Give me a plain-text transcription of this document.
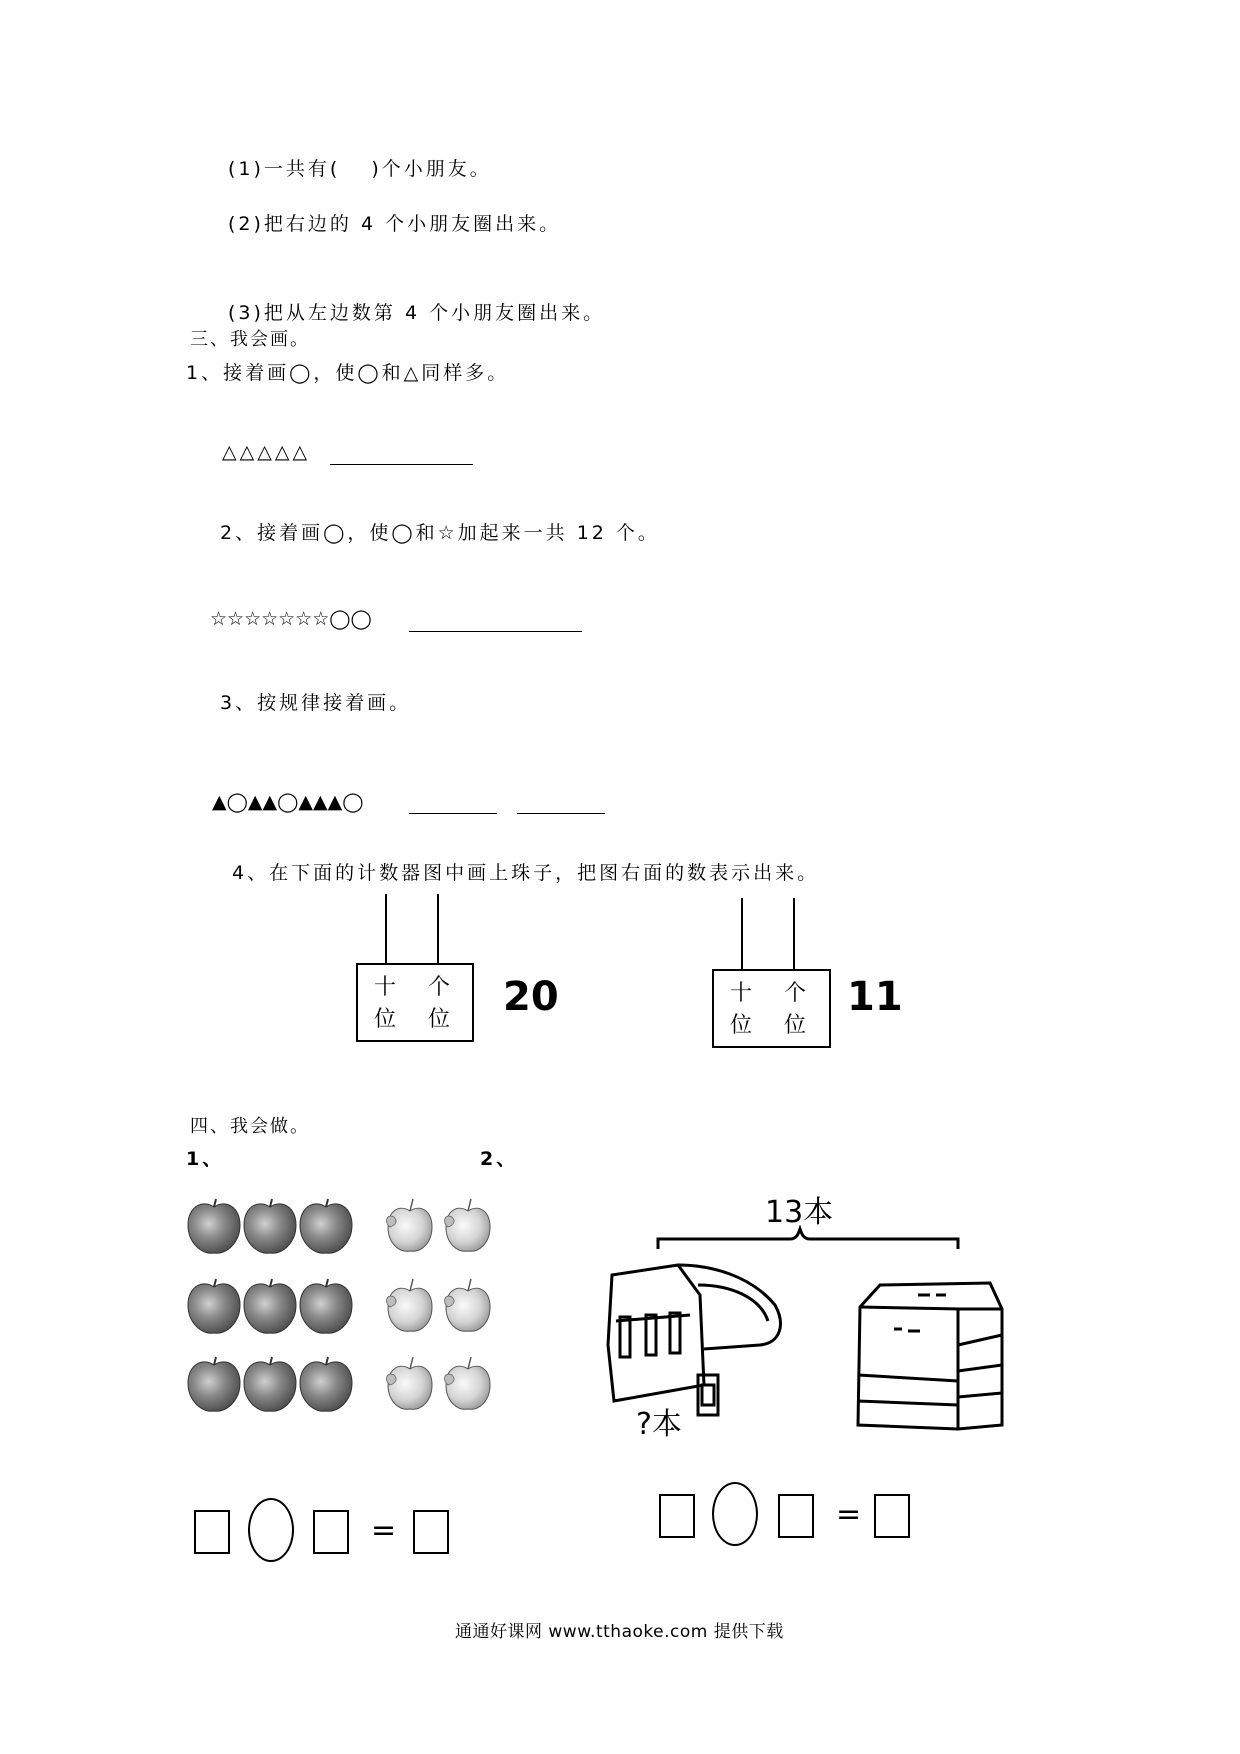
(1)一共有(　 )个小朋友。
(2)把右边的 4 个小朋友圈出来。
(3)把从左边数第 4 个小朋友圈出来。
三、我会画。
1、接着画◯，使◯和△同样多。
△△△△△
2、接着画◯，使◯和☆加起来一共 12 个。
☆☆☆☆☆☆☆◯◯
3、按规律接着画。
▲◯▲▲◯▲▲▲◯
4、在下面的计数器图中画上珠子，把图右面的数表示出来。
十
位
个
位 20	十
位
个
位
11
四、我会做。
1、	2、
=
13本
?本
=
通通好课网 www.tthaoke.com 提供下载
